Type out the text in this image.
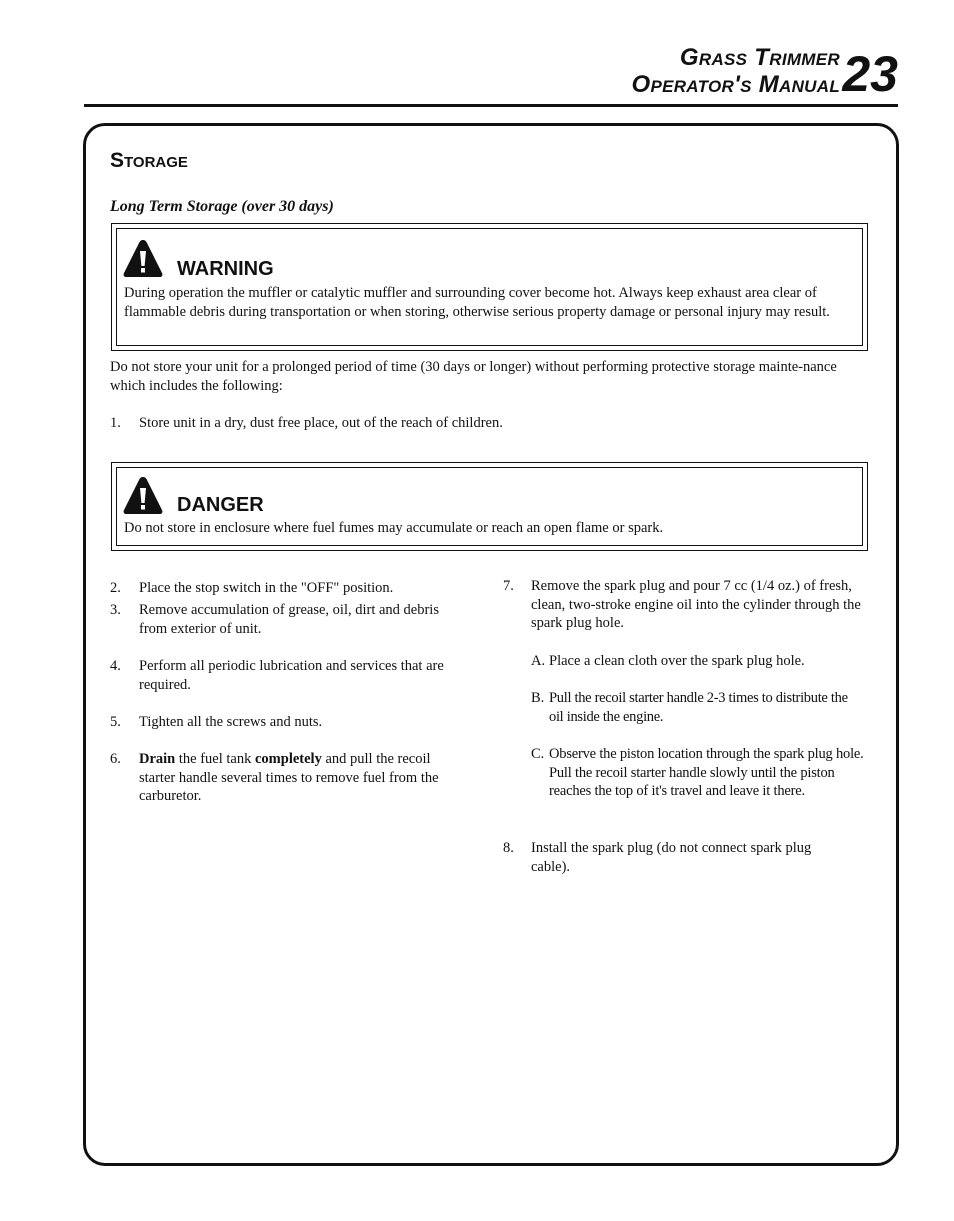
Grass Trimmer
Operator's Manual 23
Storage
Long Term Storage (over 30 days)
WARNING
During operation the muffler or catalytic muffler and surrounding cover become hot. Always keep exhaust area clear of flammable debris during transportation or when storing, otherwise serious property damage or personal injury may result.
Do not store your unit for a prolonged period of time (30 days or longer) without performing protective storage mainte-nance which includes the following:
1. Store unit in a dry, dust free place, out of the reach of children.
DANGER
Do not store in enclosure where fuel fumes may accumulate or reach an open flame or spark.
2. Place the stop switch in the "OFF" position.
3. Remove accumulation of grease, oil, dirt and debris from exterior of unit.
4. Perform all periodic lubrication and services that are required.
5. Tighten all the screws and nuts.
6. Drain the fuel tank completely and pull the recoil starter handle several times to remove fuel from the carburetor.
7. Remove the spark plug and pour 7 cc (1/4 oz.) of fresh, clean, two-stroke engine oil into the cylinder through the spark plug hole.
A. Place a clean cloth over the spark plug hole.
B. Pull the recoil starter handle 2-3 times to distribute the oil inside the engine.
C. Observe the piston location through the spark plug hole. Pull the recoil starter handle slowly until the piston reaches the top of it's travel and leave it there.
8. Install the spark plug (do not connect spark plug cable).
